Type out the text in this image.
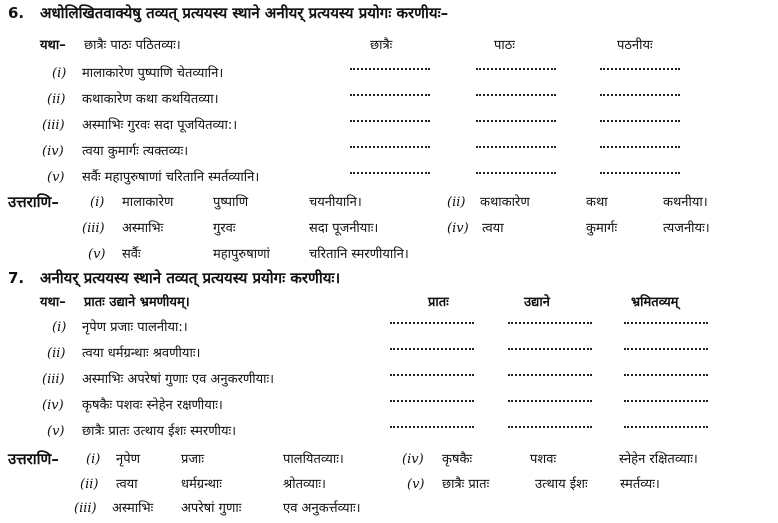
6. अधोलिखितवाक्येषु तव्यत् प्रत्ययस्य स्थाने अनीयर् प्रत्ययस्य प्रयोगः करणीयः–
यथा– छात्रैः पाठः पठितव्यः।	छात्रैः	पाठः	पठनीयः
(i) मालाकारेण पुष्पाणि चेतव्यानि।
(ii) कथाकारेण कथा कथयितव्या।
(iii) अस्माभिः गुरवः सदा पूजयितव्या:।
(iv) त्वया कुमार्गः त्यक्तव्यः।
(v) सर्वैः महापुरुषाणां चरितानि स्मर्तव्यानि।
उत्तराणि– (i) मालाकारेण	पुष्पाणि	चयनीयानि।	(ii) कथाकारेण	कथा	कथनीया।
(iii) अस्माभिः	गुरवः	सदा पूजनीयाः।	(iv) त्वया	कुमार्गः	त्यजनीयः।
(v) सर्वैः	महापुरुषाणां	चरितानि स्मरणीयानि।
7. अनीयर् प्रत्ययस्य स्थाने तव्यत् प्रत्ययस्य प्रयोगः करणीयः।
यथा– प्रातः उद्याने भ्रमणीयम्।	प्रातः	उद्याने	भ्रमितव्यम्
(i) नृपेण प्रजाः पालनीया:।
(ii) त्वया धर्मग्रन्थाः श्रवणीयाः।
(iii) अस्माभिः अपरेषां गुणाः एव अनुकरणीयाः।
(iv) कृषकैः पशवः स्नेहेन रक्षणीयाः।
(v) छात्रैः प्रातः उत्थाय ईशः स्मरणीयः।
उत्तराणि– (i) नृपेण	प्रजाः	पालयितव्याः।	(iv) कृषकैः	पशवः	स्नेहेन रक्षितव्याः।
(ii) त्वया	धर्मग्रन्थाः	श्रोतव्याः।	(v) छात्रैः प्रातः	उत्थाय ईशः स्मर्तव्यः।
(iii) अस्माभिः अपरेषां गुणाः	एव अनुकर्त्तव्याः।
